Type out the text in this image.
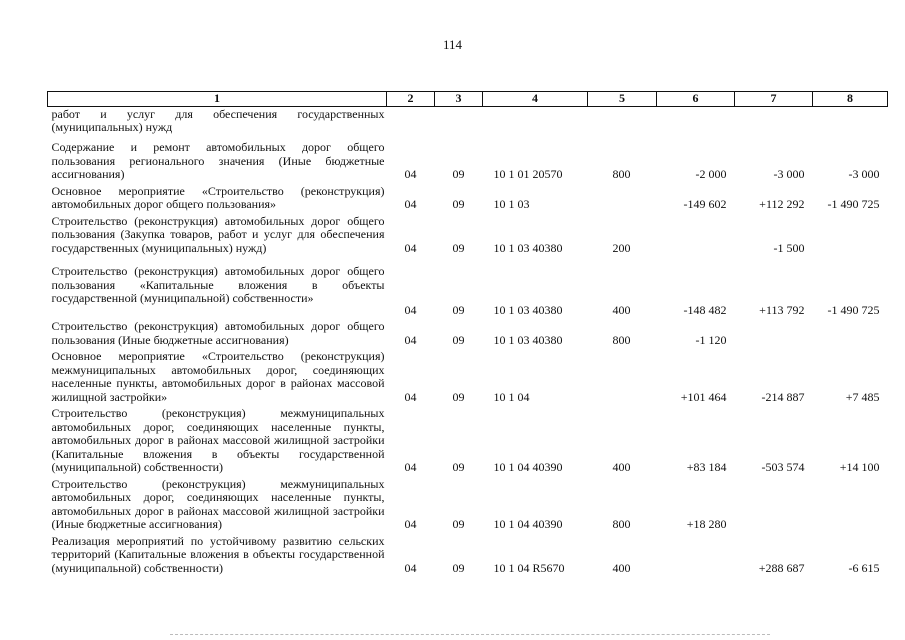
114
1	2	3	4	5	6	7	8
работ и услуг для обеспечения государственных (муниципальных) нужд							
Содержание и ремонт автомобильных дорог общего пользования регионального значения (Иные бюджетные ассигнования)	04	09	10 1 01 20570	800	-2 000	-3 000	-3 000
Основное мероприятие «Строительство (реконструкция) автомобильных дорог общего пользования»	04	09	10 1 03		-149 602	+112 292	-1 490 725
Строительство (реконструкция) автомобильных дорог общего пользования (Закупка товаров, работ и услуг для обеспечения государственных (муниципальных) нужд)	04	09	10 1 03 40380	200		-1 500	
Строительство (реконструкция) автомобильных дорог общего пользования «Капитальные вложения в объекты государственной (муниципальной) собственности»	04	09	10 1 03 40380	400	-148 482	+113 792	-1 490 725
Строительство (реконструкция) автомобильных дорог общего пользования (Иные бюджетные ассигнования)	04	09	10 1 03 40380	800	-1 120		
Основное мероприятие «Строительство (реконструкция) межмуниципальных автомобильных дорог, соединяющих населенные пункты, автомобильных дорог в районах массовой жилищной застройки»	04	09	10 1 04		+101 464	-214 887	+7 485
Строительство (реконструкция) межмуниципальных автомобильных дорог, соединяющих населенные пункты, автомобильных дорог в районах массовой жилищной застройки (Капитальные вложения в объекты государственной (муниципальной) собственности)	04	09	10 1 04 40390	400	+83 184	-503 574	+14 100
Строительство (реконструкция) межмуниципальных автомобильных дорог, соединяющих населенные пункты, автомобильных дорог в районах массовой жилищной застройки (Иные бюджетные ассигнования)	04	09	10 1 04 40390	800	+18 280		
Реализация мероприятий по устойчивому развитию сельских территорий (Капитальные вложения в объекты государственной (муниципальной) собственности)	04	09	10 1 04 R5670	400		+288 687	-6 615
